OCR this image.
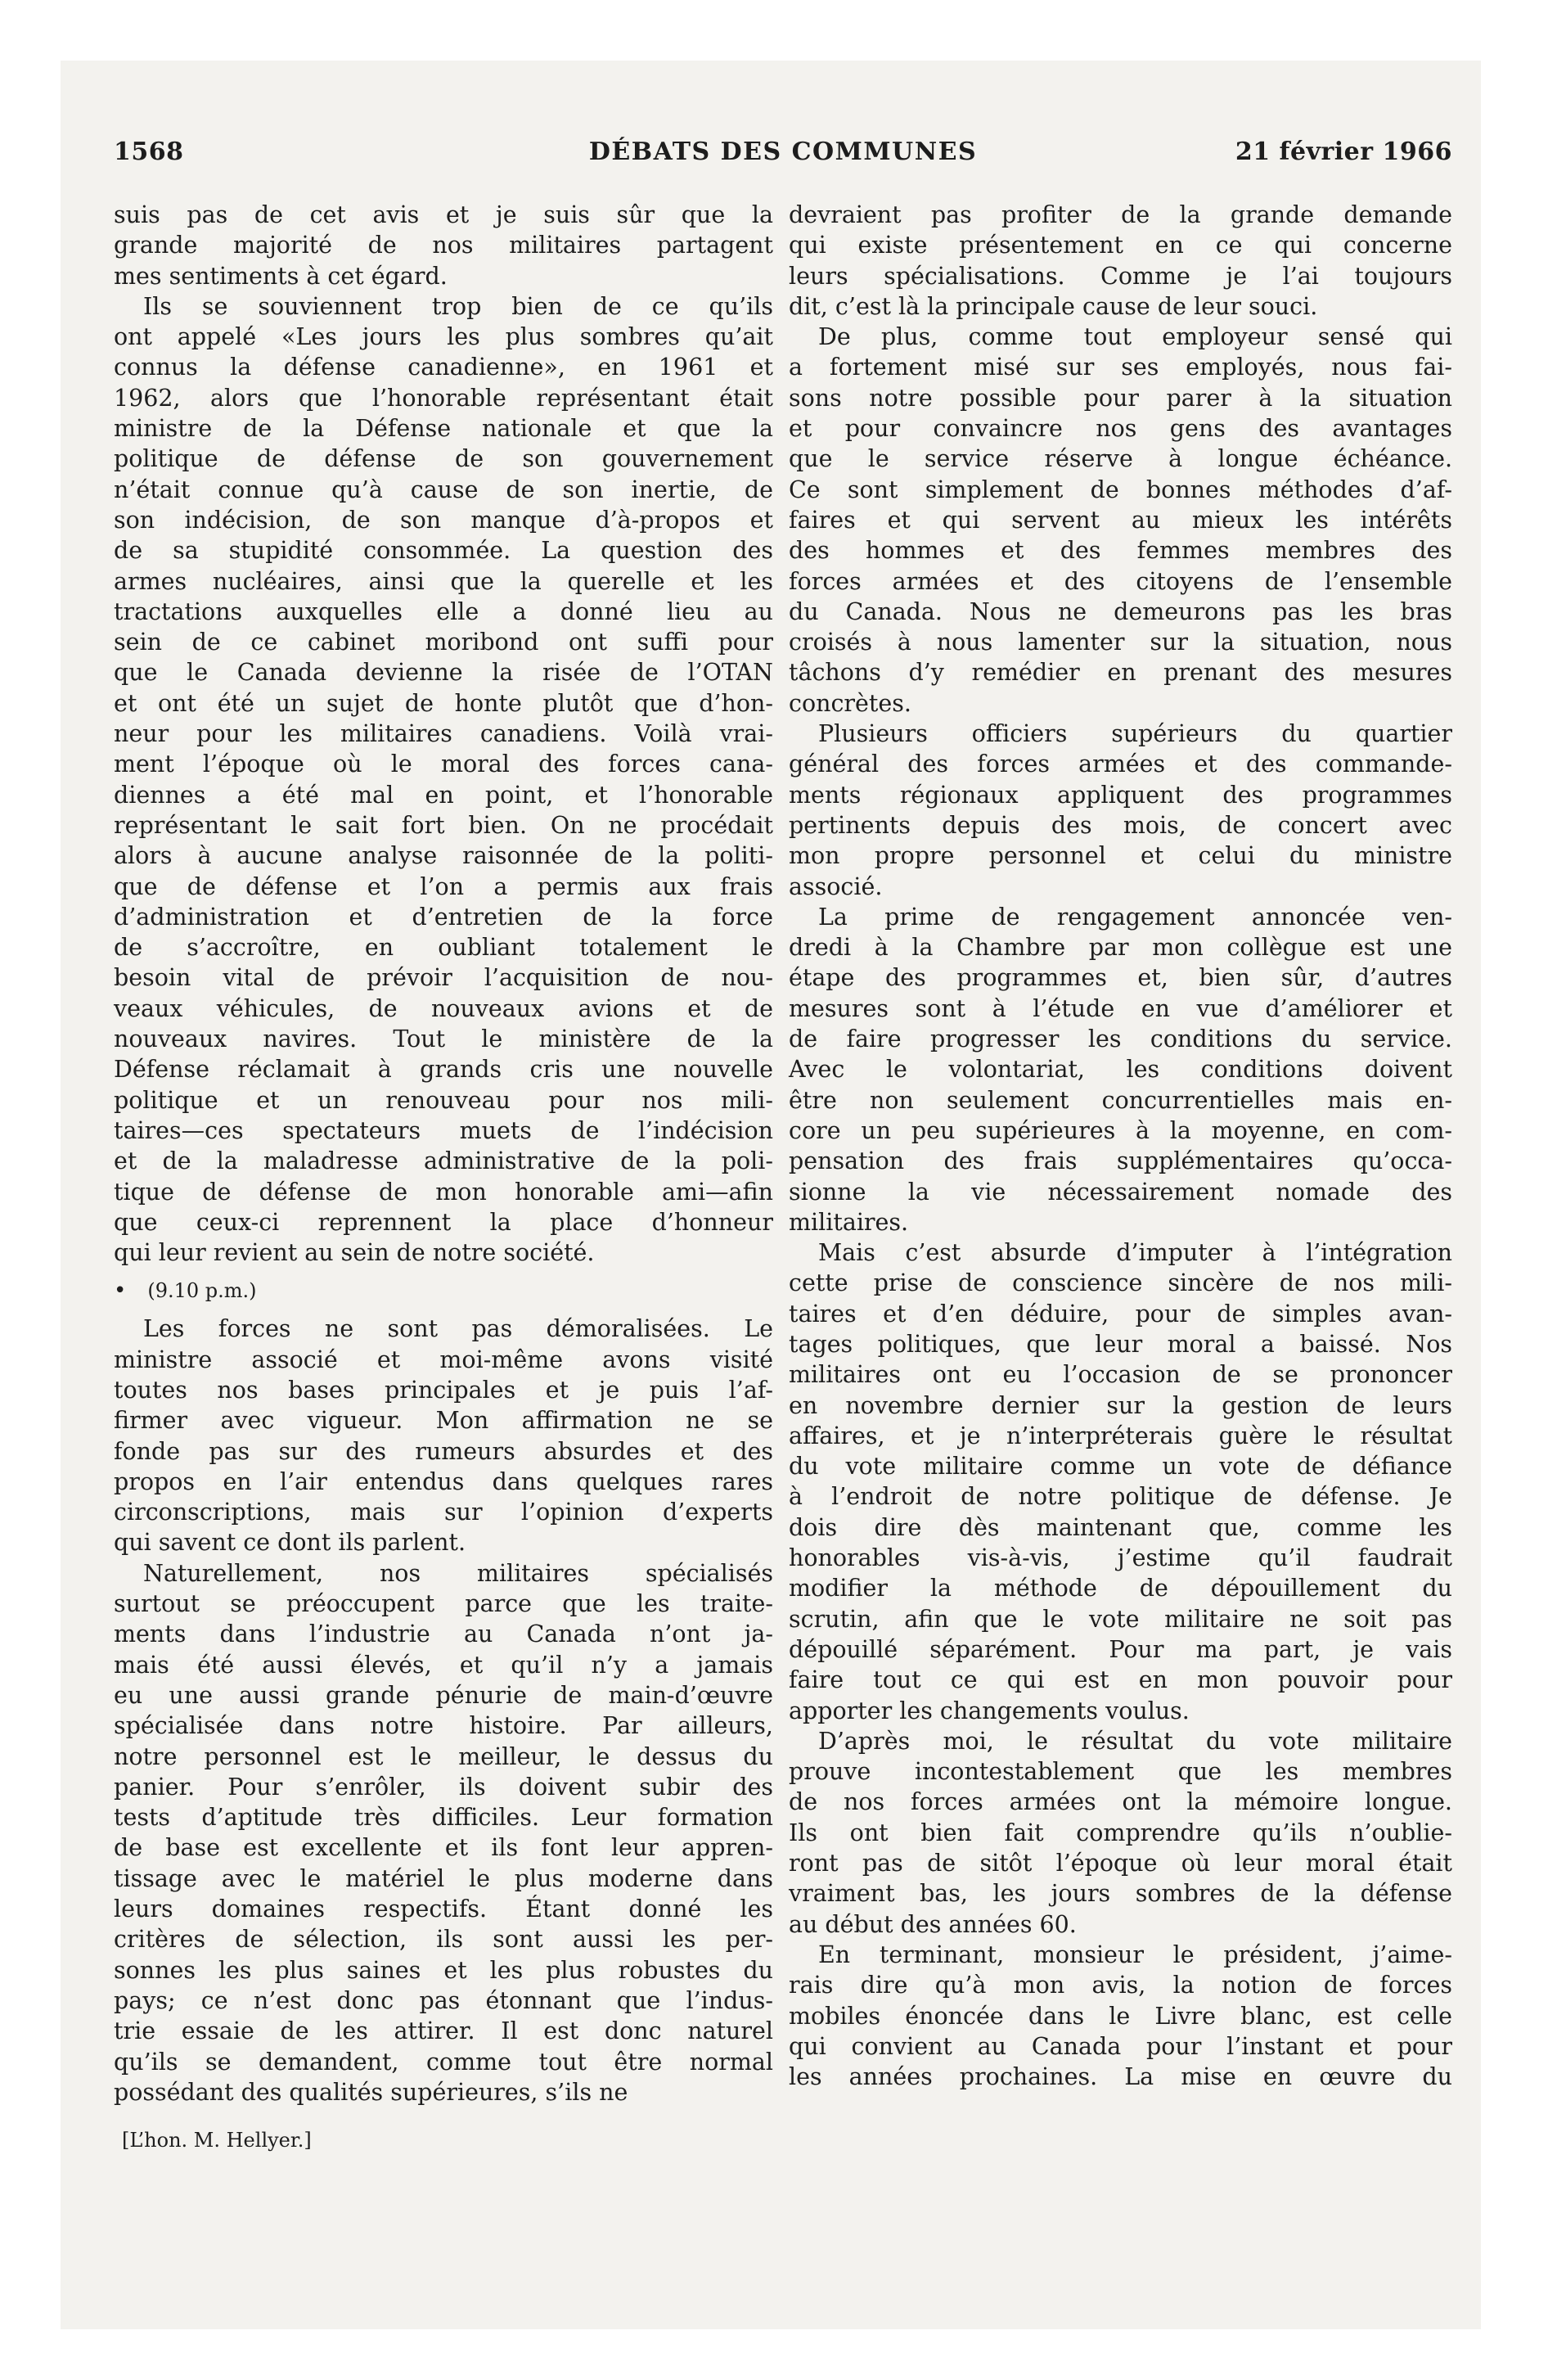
1568	DÉBATS DES COMMUNES	21 février 1966
suis pas de cet avis et je suis sûr que la
grande majorité de nos militaires partagent
mes sentiments à cet égard.
Ils se souviennent trop bien de ce qu’ils
ont appelé «Les jours les plus sombres qu’ait
connus la défense canadienne», en 1961 et
1962, alors que l’honorable représentant était
ministre de la Défense nationale et que la
politique de défense de son gouvernement
n’était connue qu’à cause de son inertie, de
son indécision, de son manque d’à-propos et
de sa stupidité consommée. La question des
armes nucléaires, ainsi que la querelle et les
tractations auxquelles elle a donné lieu au
sein de ce cabinet moribond ont suffi pour
que le Canada devienne la risée de l’OTAN
et ont été un sujet de honte plutôt que d’hon-
neur pour les militaires canadiens. Voilà vrai-
ment l’époque où le moral des forces cana-
diennes a été mal en point, et l’honorable
représentant le sait fort bien. On ne procédait
alors à aucune analyse raisonnée de la politi-
que de défense et l’on a permis aux frais
d’administration et d’entretien de la force
de s’accroître, en oubliant totalement le
besoin vital de prévoir l’acquisition de nou-
veaux véhicules, de nouveaux avions et de
nouveaux navires. Tout le ministère de la
Défense réclamait à grands cris une nouvelle
politique et un renouveau pour nos mili-
taires—ces spectateurs muets de l’indécision
et de la maladresse administrative de la poli-
tique de défense de mon honorable ami—afin
que ceux-ci reprennent la place d’honneur
qui leur revient au sein de notre société.
• (9.10 p.m.)
Les forces ne sont pas démoralisées. Le
ministre associé et moi-même avons visité
toutes nos bases principales et je puis l’af-
firmer avec vigueur. Mon affirmation ne se
fonde pas sur des rumeurs absurdes et des
propos en l’air entendus dans quelques rares
circonscriptions, mais sur l’opinion d’experts
qui savent ce dont ils parlent.
Naturellement, nos militaires spécialisés
surtout se préoccupent parce que les traite-
ments dans l’industrie au Canada n’ont ja-
mais été aussi élevés, et qu’il n’y a jamais
eu une aussi grande pénurie de main-d’œuvre
spécialisée dans notre histoire. Par ailleurs,
notre personnel est le meilleur, le dessus du
panier. Pour s’enrôler, ils doivent subir des
tests d’aptitude très difficiles. Leur formation
de base est excellente et ils font leur appren-
tissage avec le matériel le plus moderne dans
leurs domaines respectifs. Étant donné les
critères de sélection, ils sont aussi les per-
sonnes les plus saines et les plus robustes du
pays; ce n’est donc pas étonnant que l’indus-
trie essaie de les attirer. Il est donc naturel
qu’ils se demandent, comme tout être normal
possédant des qualités supérieures, s’ils ne
[L’hon. M. Hellyer.]
devraient pas profiter de la grande demande
qui existe présentement en ce qui concerne
leurs spécialisations. Comme je l’ai toujours
dit, c’est là la principale cause de leur souci.
De plus, comme tout employeur sensé qui
a fortement misé sur ses employés, nous fai-
sons notre possible pour parer à la situation
et pour convaincre nos gens des avantages
que le service réserve à longue échéance.
Ce sont simplement de bonnes méthodes d’af-
faires et qui servent au mieux les intérêts
des hommes et des femmes membres des
forces armées et des citoyens de l’ensemble
du Canada. Nous ne demeurons pas les bras
croisés à nous lamenter sur la situation, nous
tâchons d’y remédier en prenant des mesures
concrètes.
Plusieurs officiers supérieurs du quartier
général des forces armées et des commande-
ments régionaux appliquent des programmes
pertinents depuis des mois, de concert avec
mon propre personnel et celui du ministre
associé.
La prime de rengagement annoncée ven-
dredi à la Chambre par mon collègue est une
étape des programmes et, bien sûr, d’autres
mesures sont à l’étude en vue d’améliorer et
de faire progresser les conditions du service.
Avec le volontariat, les conditions doivent
être non seulement concurrentielles mais en-
core un peu supérieures à la moyenne, en com-
pensation des frais supplémentaires qu’occa-
sionne la vie nécessairement nomade des
militaires.
Mais c’est absurde d’imputer à l’intégration
cette prise de conscience sincère de nos mili-
taires et d’en déduire, pour de simples avan-
tages politiques, que leur moral a baissé. Nos
militaires ont eu l’occasion de se prononcer
en novembre dernier sur la gestion de leurs
affaires, et je n’interpréterais guère le résultat
du vote militaire comme un vote de défiance
à l’endroit de notre politique de défense. Je
dois dire dès maintenant que, comme les
honorables vis-à-vis, j’estime qu’il faudrait
modifier la méthode de dépouillement du
scrutin, afin que le vote militaire ne soit pas
dépouillé séparément. Pour ma part, je vais
faire tout ce qui est en mon pouvoir pour
apporter les changements voulus.
D’après moi, le résultat du vote militaire
prouve incontestablement que les membres
de nos forces armées ont la mémoire longue.
Ils ont bien fait comprendre qu’ils n’oublie-
ront pas de sitôt l’époque où leur moral était
vraiment bas, les jours sombres de la défense
au début des années 60.
En terminant, monsieur le président, j’aime-
rais dire qu’à mon avis, la notion de forces
mobiles énoncée dans le Livre blanc, est celle
qui convient au Canada pour l’instant et pour
les années prochaines. La mise en œuvre du
